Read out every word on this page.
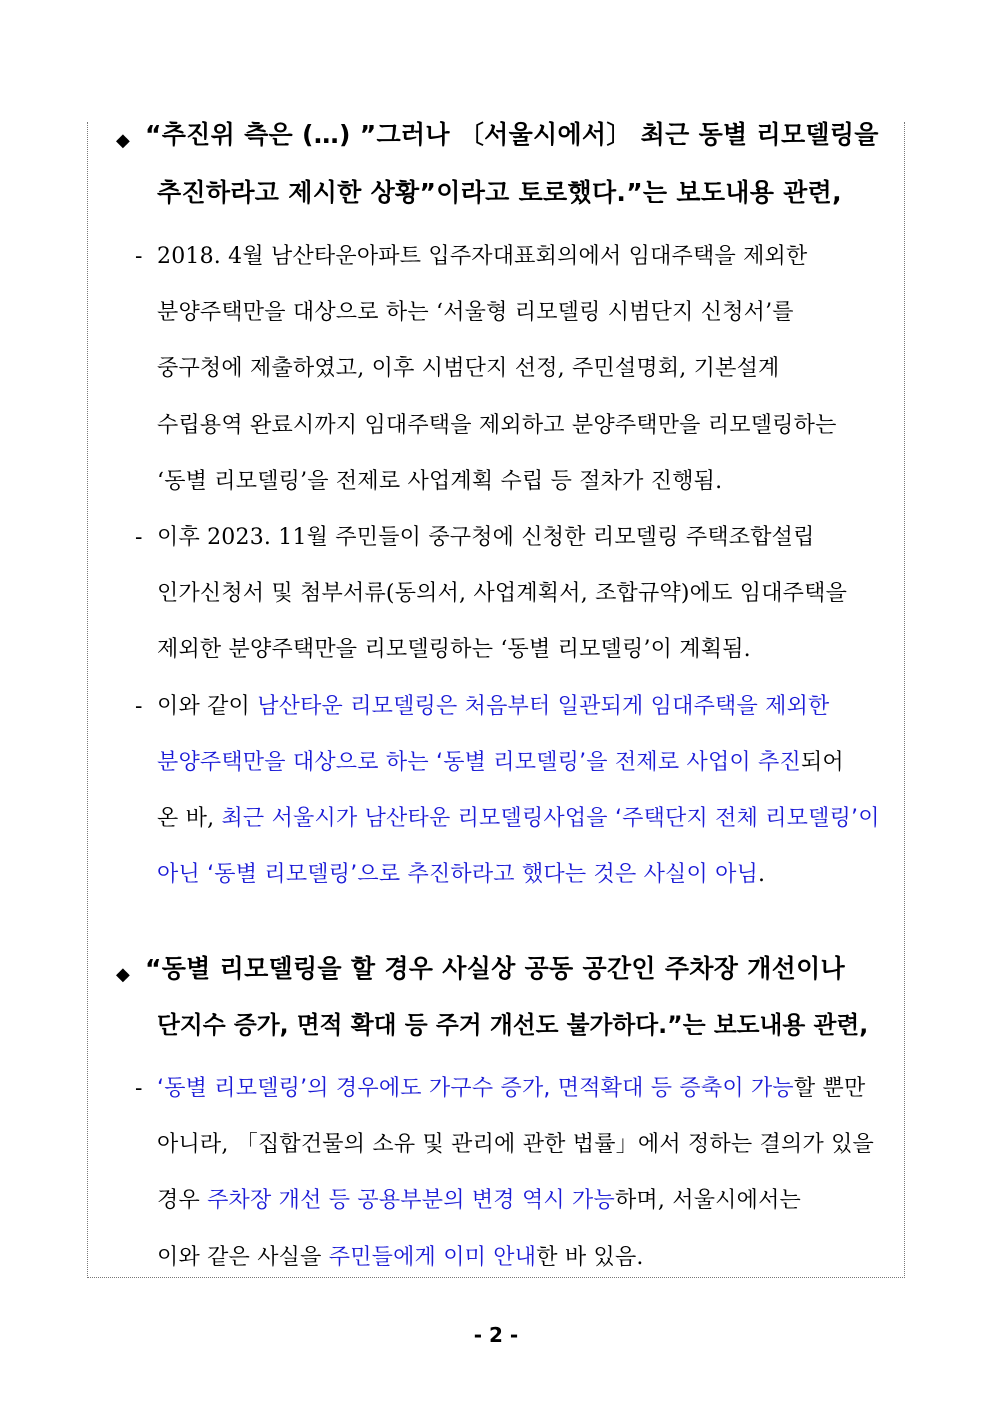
◆ “추진위 측은 (…) ”그러나 〔서울시에서〕 최근 동별 리모델링을
추진하라고 제시한 상황”이라고 토로했다.”는 보도내용 관련,
- 2018. 4월 남산타운아파트 입주자대표회의에서 임대주택을 제외한
분양주택만을 대상으로 하는 ‘서울형 리모델링 시범단지 신청서’를
중구청에 제출하였고, 이후 시범단지 선정, 주민설명회, 기본설계
수립용역 완료시까지 임대주택을 제외하고 분양주택만을 리모델링하는
‘동별 리모델링’을 전제로 사업계획 수립 등 절차가 진행됨.
- 이후 2023. 11월 주민들이 중구청에 신청한 리모델링 주택조합설립
인가신청서 및 첨부서류(동의서, 사업계획서, 조합규약)에도 임대주택을
제외한 분양주택만을 리모델링하는 ‘동별 리모델링’이 계획됨.
- 이와 같이 남산타운 리모델링은 처음부터 일관되게 임대주택을 제외한
분양주택만을 대상으로 하는 ‘동별 리모델링’을 전제로 사업이 추진되어
온 바, 최근 서울시가 남산타운 리모델링사업을 ‘주택단지 전체 리모델링’이
아닌 ‘동별 리모델링’으로 추진하라고 했다는 것은 사실이 아님.
◆ “동별 리모델링을 할 경우 사실상 공동 공간인 주차장 개선이나
단지수 증가, 면적 확대 등 주거 개선도 불가하다.”는 보도내용 관련,
- ‘동별 리모델링’의 경우에도 가구수 증가, 면적확대 등 증축이 가능할 뿐만
아니라, 「집합건물의 소유 및 관리에 관한 법률」에서 정하는 결의가 있을
경우 주차장 개선 등 공용부분의 변경 역시 가능하며, 서울시에서는
이와 같은 사실을 주민들에게 이미 안내한 바 있음.
- 2 -
